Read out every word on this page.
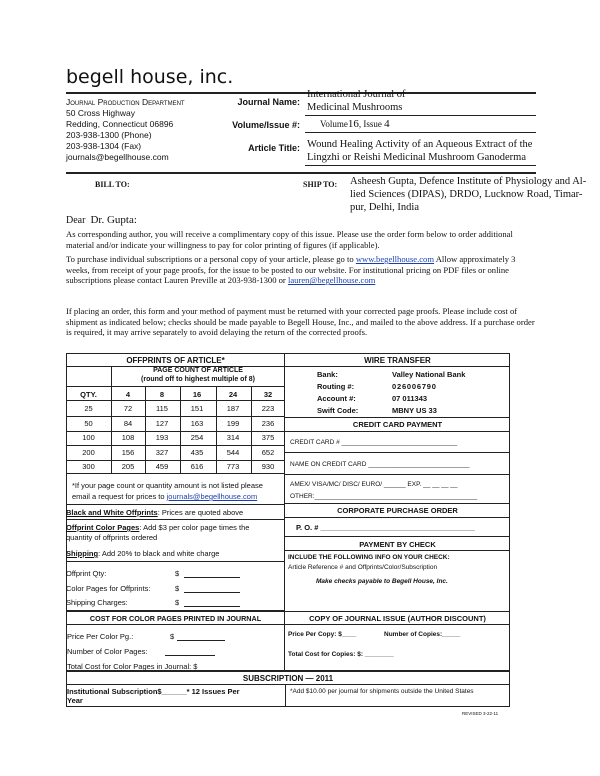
begell house, inc.
Journal Production Department
50 Cross Highway
Redding, Connecticut 06896
203-938-1300 (Phone)
203-938-1304 (Fax)
journals@begellhouse.com
Journal Name:
International Journal of
Medicinal Mushrooms
Volume/Issue #: Volume16, Issue 4
Article Title: Wound Healing Activity of an Aqueous Extract of the
Lingzhi or Reishi Medicinal Mushroom Ganoderma
BILL TO:	SHIP TO: Asheesh Gupta, Defence Institute of Physiology and Al-
lied Sciences (DIPAS), DRDO, Lucknow Road, Timar-
pur, Delhi, India
Dear Dr. Gupta:
As corresponding author, you will receive a complimentary copy of this issue. Please use the order form below to order additional material and/or indicate your willingness to pay for color printing of figures (if applicable).
To purchase individual subscriptions or a personal copy of your article, please go to www.begellhouse.com Allow approximately 3 weeks, from receipt of your page proofs, for the issue to be posted to our website. For institutional pricing on PDF files or online subscriptions please contact Lauren Preville at 203-938-1300 or lauren@begellhouse.com
If placing an order, this form and your method of payment must be returned with your corrected page proofs. Please include cost of shipment as indicated below; checks should be made payable to Begell House, Inc., and mailed to the above address. If a purchase order is required, it may arrive separately to avoid delaying the return of the corrected proofs.
OFFPRINTS OF ARTICLE*
PAGE COUNT OF ARTICLE
(round off to highest multiple of 8)
QTY.	4	8	16	24	32
25	72	115	151	187	223
50	84	127	163	199	236
100	108	193	254	314	375
200	156	327	435	544	652
300	205	459	616	773	930
*If your page count or quantity amount is not listed please
email a request for prices to journals@begellhouse.com
Black and White Offprints: Prices are quoted above
Offprint Color Pages: Add $3 per color page times the
quantity of offprints ordered
Shipping: Add 20% to black and white charge
Offprint Qty:	$
Color Pages for Offprints:	$
Shipping Charges:	$
COST FOR COLOR PAGES PRINTED IN JOURNAL
Price Per Color Pg.:	$
Number of Color Pages:
Total Cost for Color Pages in Journal: $
WIRE TRANSFER
Bank:	Valley National Bank
Routing #:	026006790
Account #:	07 011343
Swift Code:	MBNY US 33
CREDIT CARD PAYMENT
CREDIT CARD # ________________________________
NAME ON CREDIT CARD ____________________________
AMEX/ VISA/MC/ DISC/ EURO/ ______ EXP. __ __ __ __
OTHER:_____________________________________________
CORPORATE PURCHASE ORDER
P. O. # _____________________________________
PAYMENT BY CHECK
INCLUDE THE FOLLOWING INFO ON YOUR CHECK:
Article Reference # and Offprints/Color/Subscription
Make checks payable to Begell House, Inc.
COPY OF JOURNAL ISSUE (AUTHOR DISCOUNT)
Price Per Copy: $____	Number of Copies:_____
Total Cost for Copies: $: ________
SUBSCRIPTION — 2011
Institutional Subscription$______* 12 Issues Per
Year
*Add $10.00 per journal for shipments outside the United States
REVISED 3-22-11
